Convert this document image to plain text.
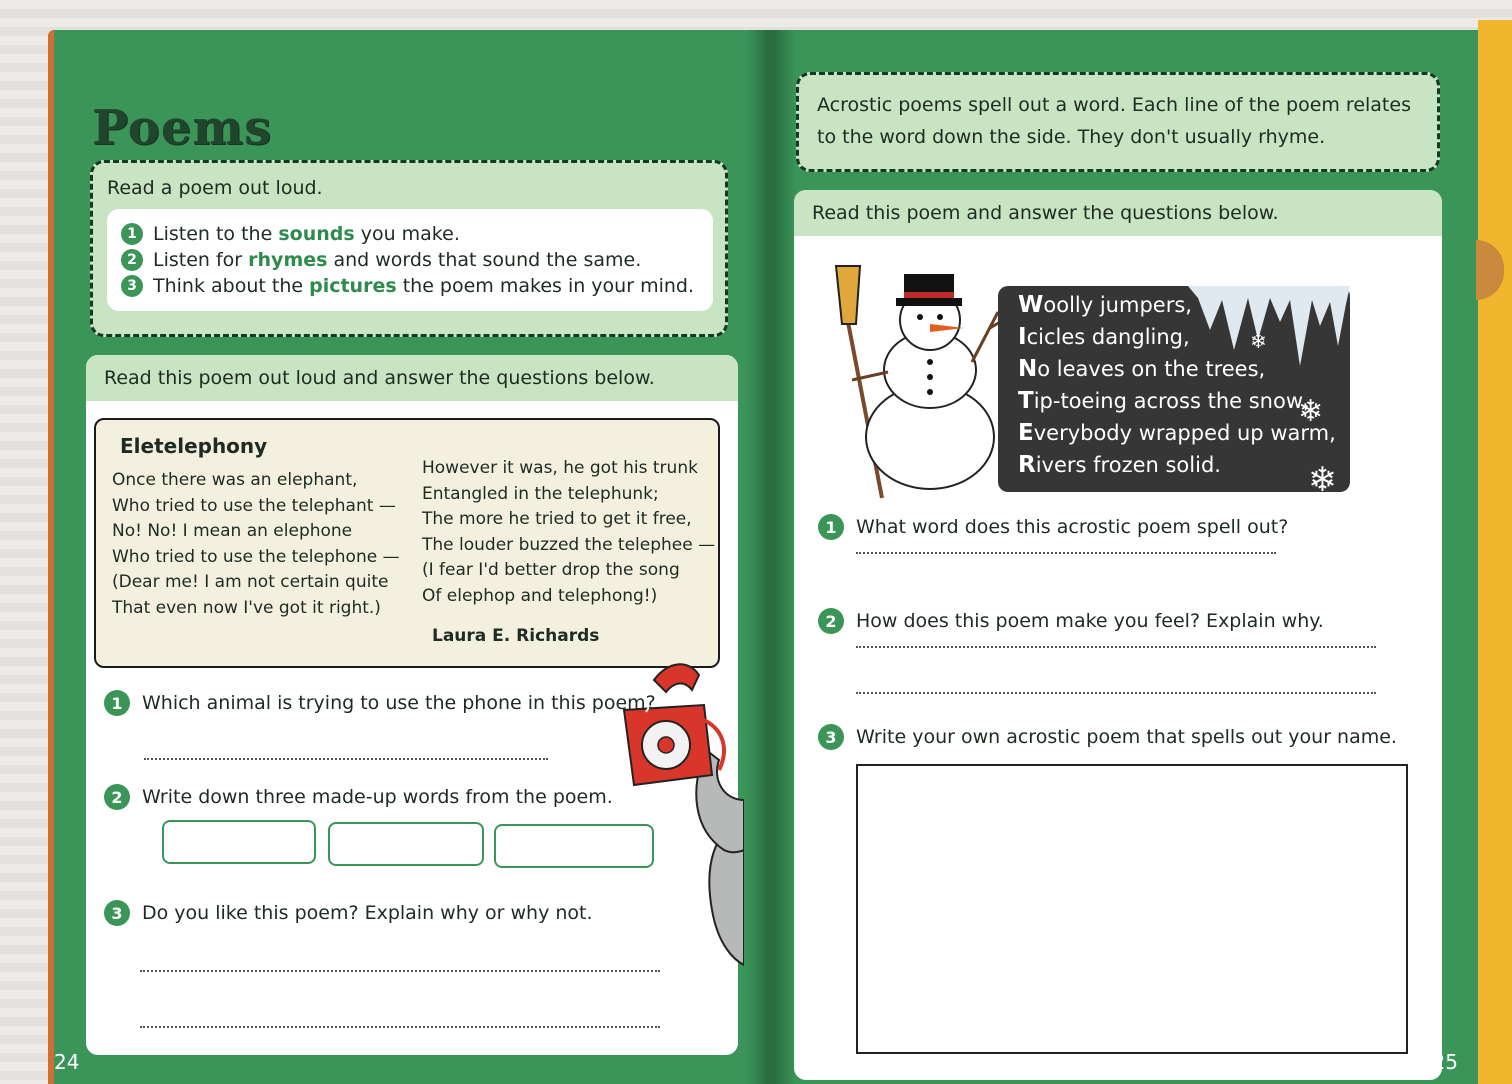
Poems

Read a poem out loud.

1 Listen to the sounds you make.
2 Listen for rhymes and words that sound the same.
3 Think about the pictures the poem makes in your mind.
Read this poem out loud and answer the questions below.
Eletelephony
Once there was an elephant,
Who tried to use the telephant —
No! No! I mean an elephone
Who tried to use the telephone —
(Dear me! I am not certain quite
That even now I've got it right.)
However it was, he got his trunk
Entangled in the telephunk;
The more he tried to get it free,
The louder buzzed the telephee —
(I fear I'd better drop the song
Of elephop and telephong!)
Laura E. Richards
1	Which animal is trying to use the phone in this poem?
2	Write down three made-up words from the poem.
3	Do you like this poem? Explain why or why not.
24
Acrostic poems spell out a word. Each line of the poem relates to the word down the side. They don't usually rhyme.
Read this poem and answer the questions below.
❄
❄
❄
Woolly jumpers,
Icicles dangling,
No leaves on the trees,
Tip-toeing across the snow,
Everybody wrapped up warm,
Rivers frozen solid.
1	What word does this acrostic poem spell out?
2	How does this poem make you feel? Explain why.
3	Write your own acrostic poem that spells out your name.
25
